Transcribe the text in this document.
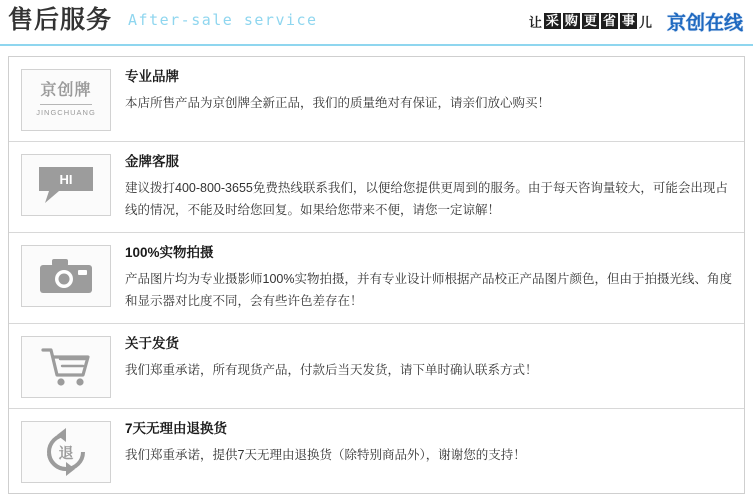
售后服务 After-sale service	让 采 购 更 省 事 儿 京创在线
京创牌
JINGCHUANG
专业品牌
本店所售产品为京创牌全新正品，我们的质量绝对有保证，请亲们放心购买！
HI
金牌客服
建议拨打400-800-3655免费热线联系我们，以便给您提供更周到的服务。由于每天咨询量较大，可能会出现占线的情况，不能及时给您回复。如果给您带来不便，请您一定谅解！
100%实物拍摄
产品图片均为专业摄影师100%实物拍摄，并有专业设计师根据产品校正产品图片颜色，但由于拍摄光线、角度和显示器对比度不同，会有些许色差存在！
关于发货
我们郑重承诺，所有现货产品，付款后当天发货，请下单时确认联系方式！
退
7天无理由退换货
我们郑重承诺，提供7天无理由退换货（除特别商品外），谢谢您的支持！
